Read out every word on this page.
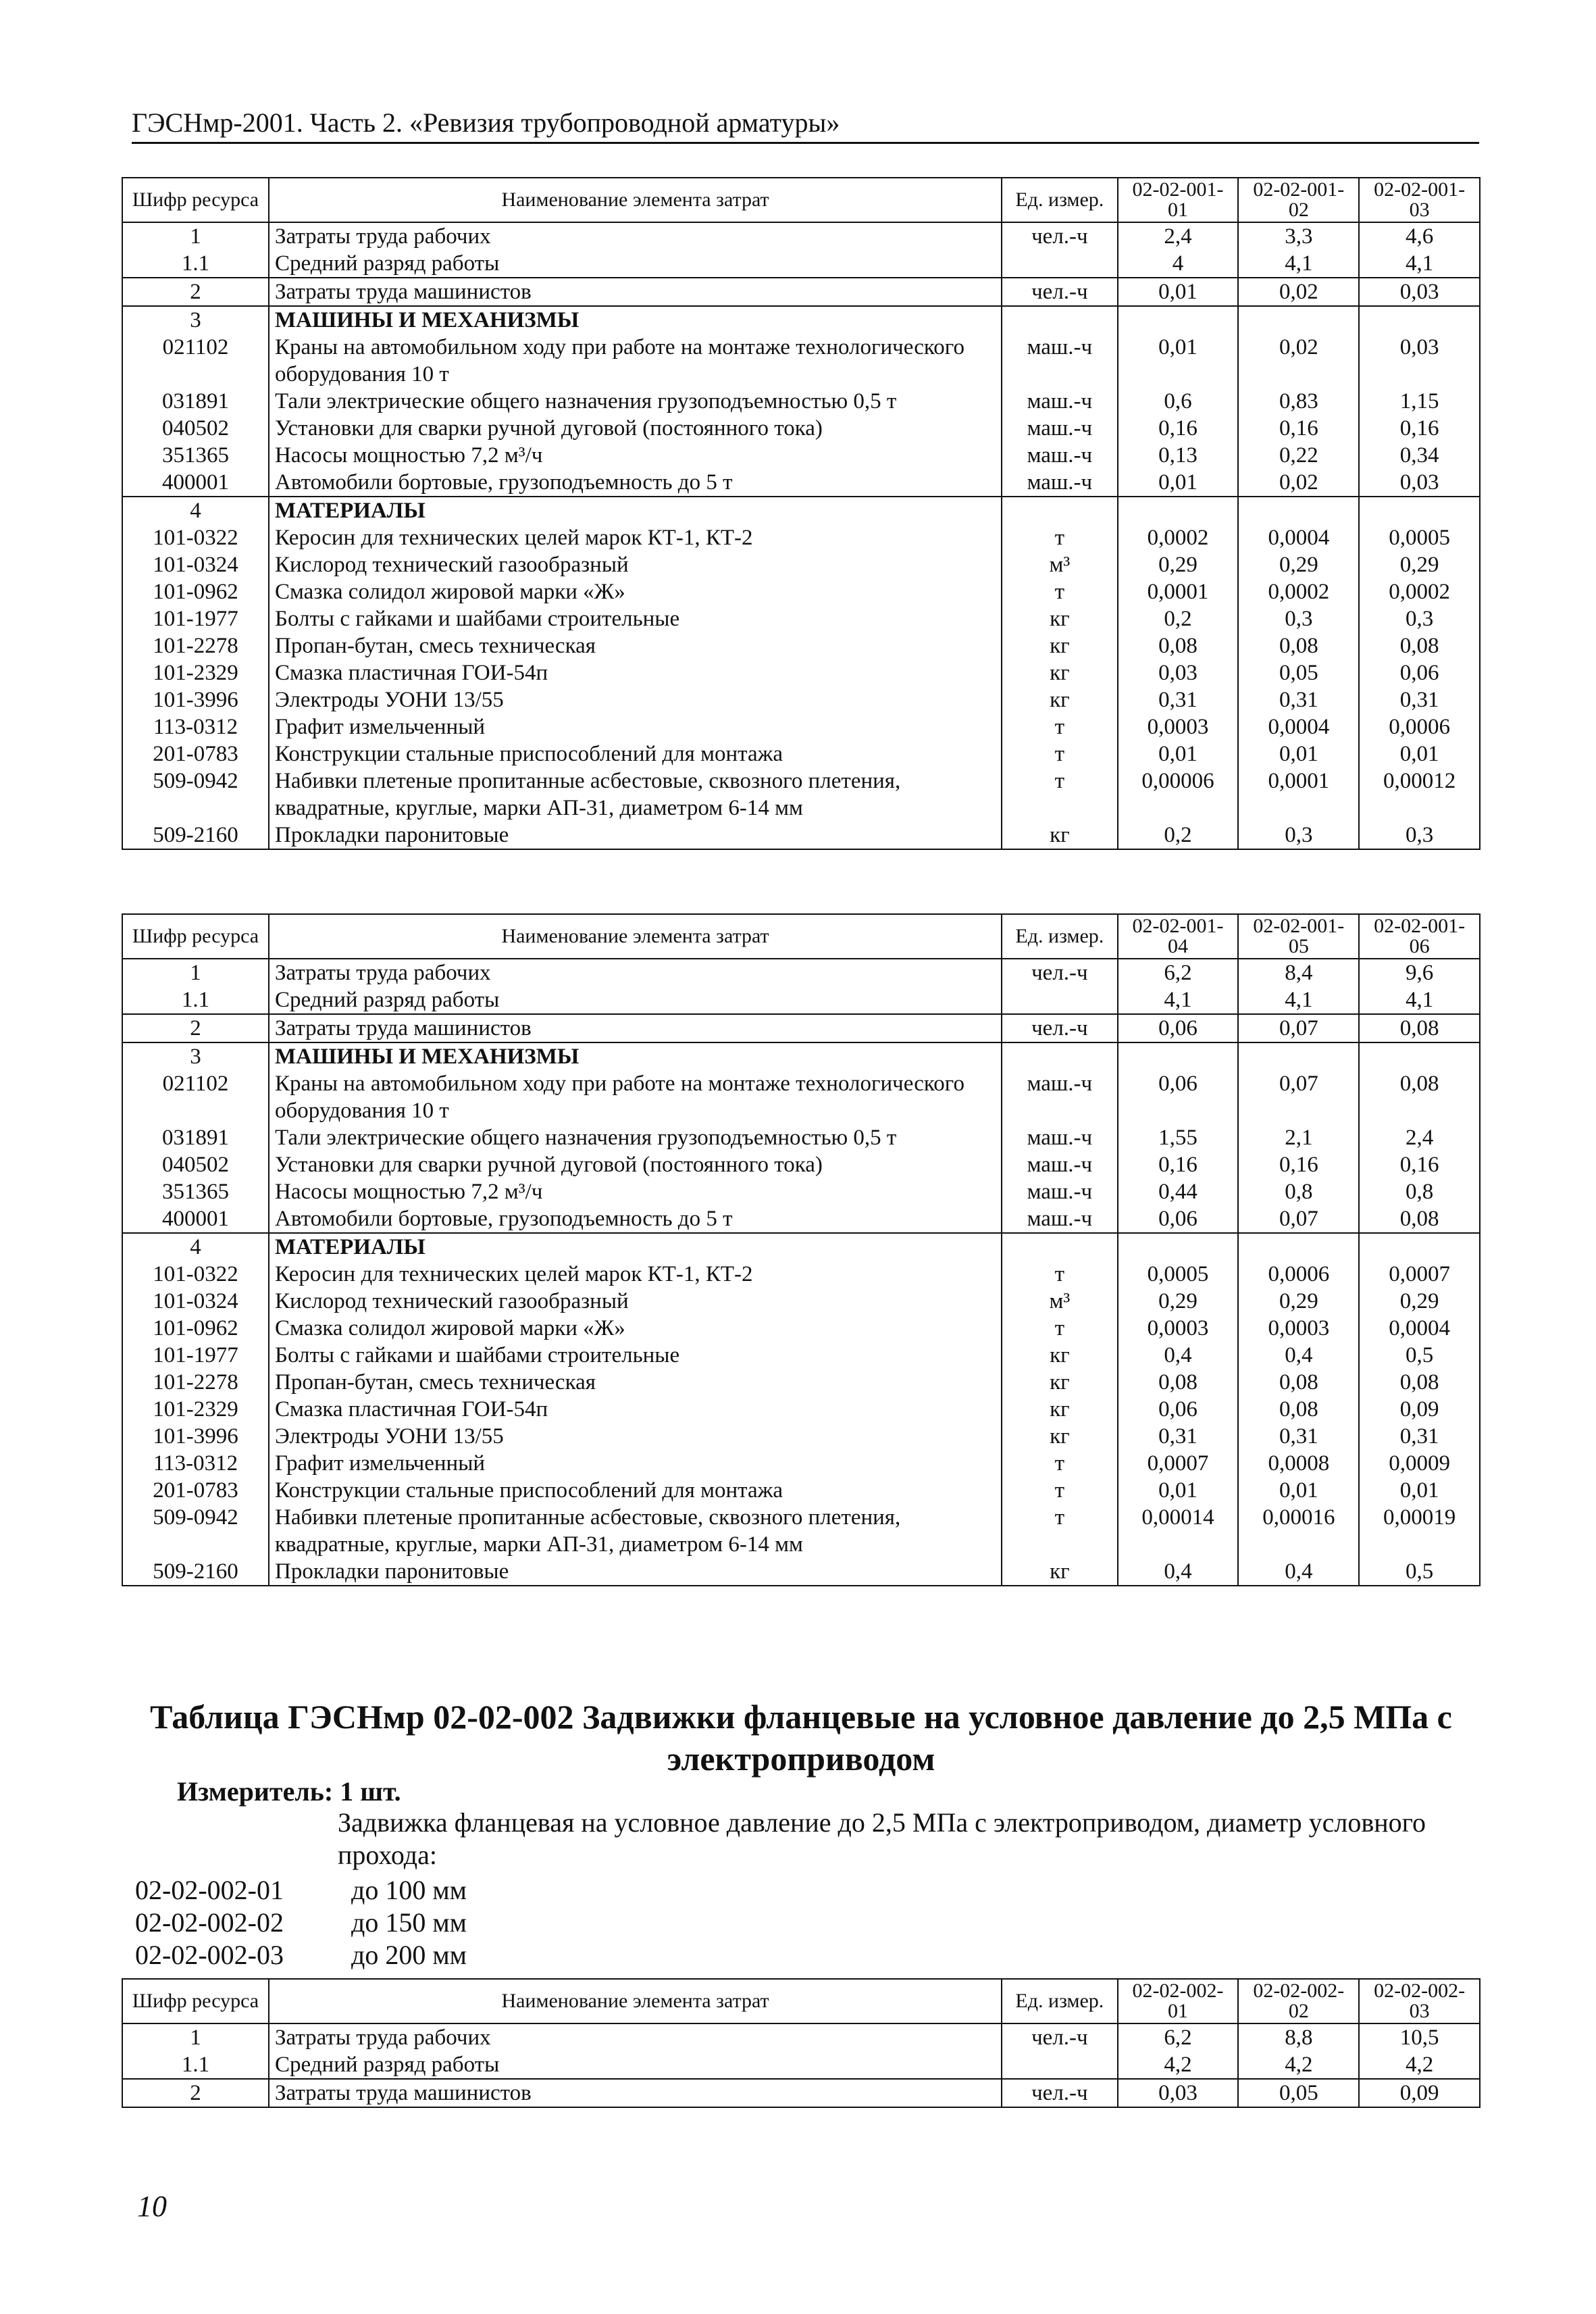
ГЭСНмр-2001. Часть 2. «Ревизия трубопроводной арматуры»
Шифр ресурса	Наименование элемента затрат	Ед. измер.	02-02-001-01	02-02-001-02	02-02-001-03
1	Затраты труда рабочих	чел.-ч	2,4	3,3	4,6
1.1	Средний разряд работы		4	4,1	4,1
2	Затраты труда машинистов	чел.-ч	0,01	0,02	0,03
3	МАШИНЫ И МЕХАНИЗМЫ				
021102	Краны на автомобильном ходу при работе на монтаже технологического оборудования 10 т	маш.-ч	0,01	0,02	0,03
031891	Тали электрические общего назначения грузоподъемностью 0,5 т	маш.-ч	0,6	0,83	1,15
040502	Установки для сварки ручной дуговой (постоянного тока)	маш.-ч	0,16	0,16	0,16
351365	Насосы мощностью 7,2 м³/ч	маш.-ч	0,13	0,22	0,34
400001	Автомобили бортовые, грузоподъемность до 5 т	маш.-ч	0,01	0,02	0,03
4	МАТЕРИАЛЫ				
101-0322	Керосин для технических целей марок КТ-1, КТ-2	т	0,0002	0,0004	0,0005
101-0324	Кислород технический газообразный	м³	0,29	0,29	0,29
101-0962	Смазка солидол жировой марки «Ж»	т	0,0001	0,0002	0,0002
101-1977	Болты с гайками и шайбами строительные	кг	0,2	0,3	0,3
101-2278	Пропан-бутан, смесь техническая	кг	0,08	0,08	0,08
101-2329	Смазка пластичная ГОИ-54п	кг	0,03	0,05	0,06
101-3996	Электроды УОНИ 13/55	кг	0,31	0,31	0,31
113-0312	Графит измельченный	т	0,0003	0,0004	0,0006
201-0783	Конструкции стальные приспособлений для монтажа	т	0,01	0,01	0,01
509-0942	Набивки плетеные пропитанные асбестовые, сквозного плетения, квадратные, круглые, марки АП-31, диаметром 6-14 мм	т	0,00006	0,0001	0,00012
509-2160	Прокладки паронитовые	кг	0,2	0,3	0,3
Шифр ресурса	Наименование элемента затрат	Ед. измер.	02-02-001-04	02-02-001-05	02-02-001-06
1	Затраты труда рабочих	чел.-ч	6,2	8,4	9,6
1.1	Средний разряд работы		4,1	4,1	4,1
2	Затраты труда машинистов	чел.-ч	0,06	0,07	0,08
3	МАШИНЫ И МЕХАНИЗМЫ				
021102	Краны на автомобильном ходу при работе на монтаже технологического оборудования 10 т	маш.-ч	0,06	0,07	0,08
031891	Тали электрические общего назначения грузоподъемностью 0,5 т	маш.-ч	1,55	2,1	2,4
040502	Установки для сварки ручной дуговой (постоянного тока)	маш.-ч	0,16	0,16	0,16
351365	Насосы мощностью 7,2 м³/ч	маш.-ч	0,44	0,8	0,8
400001	Автомобили бортовые, грузоподъемность до 5 т	маш.-ч	0,06	0,07	0,08
4	МАТЕРИАЛЫ				
101-0322	Керосин для технических целей марок КТ-1, КТ-2	т	0,0005	0,0006	0,0007
101-0324	Кислород технический газообразный	м³	0,29	0,29	0,29
101-0962	Смазка солидол жировой марки «Ж»	т	0,0003	0,0003	0,0004
101-1977	Болты с гайками и шайбами строительные	кг	0,4	0,4	0,5
101-2278	Пропан-бутан, смесь техническая	кг	0,08	0,08	0,08
101-2329	Смазка пластичная ГОИ-54п	кг	0,06	0,08	0,09
101-3996	Электроды УОНИ 13/55	кг	0,31	0,31	0,31
113-0312	Графит измельченный	т	0,0007	0,0008	0,0009
201-0783	Конструкции стальные приспособлений для монтажа	т	0,01	0,01	0,01
509-0942	Набивки плетеные пропитанные асбестовые, сквозного плетения, квадратные, круглые, марки АП-31, диаметром 6-14 мм	т	0,00014	0,00016	0,00019
509-2160	Прокладки паронитовые	кг	0,4	0,4	0,5
Таблица ГЭСНмр 02-02-002 Задвижки фланцевые на условное давление до 2,5 МПа с электроприводом
Измеритель: 1 шт.
Задвижка фланцевая на условное давление до 2,5 МПа с электроприводом, диаметр условного прохода:
02-02-002-01	до 100 мм
02-02-002-02	до 150 мм
02-02-002-03	до 200 мм
Шифр ресурса	Наименование элемента затрат	Ед. измер.	02-02-002-01	02-02-002-02	02-02-002-03
1	Затраты труда рабочих	чел.-ч	6,2	8,8	10,5
1.1	Средний разряд работы		4,2	4,2	4,2
2	Затраты труда машинистов	чел.-ч	0,03	0,05	0,09
10
